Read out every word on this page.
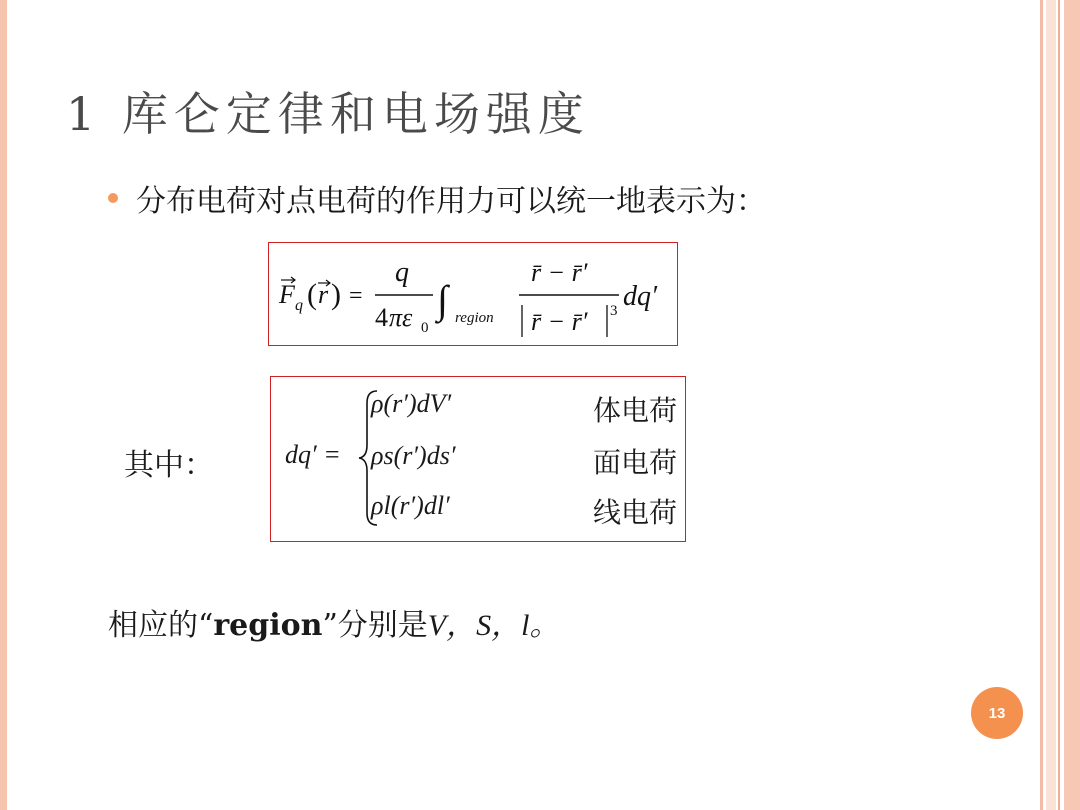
1 库仑定律和电场强度
分布电荷对点电荷的作用力可以统一地表示为：
F q ( r ) =
q
4 πε 0
∫ region
r̄ − r̄′
r̄ − r̄′ 3 dq′
其中：	dq′ =
ρ(r′)dV′	体电荷
ρs(r′)ds′	面电荷
ρl(r′)dl′	线电荷
相应的“region”分别是V，S，l。
13
